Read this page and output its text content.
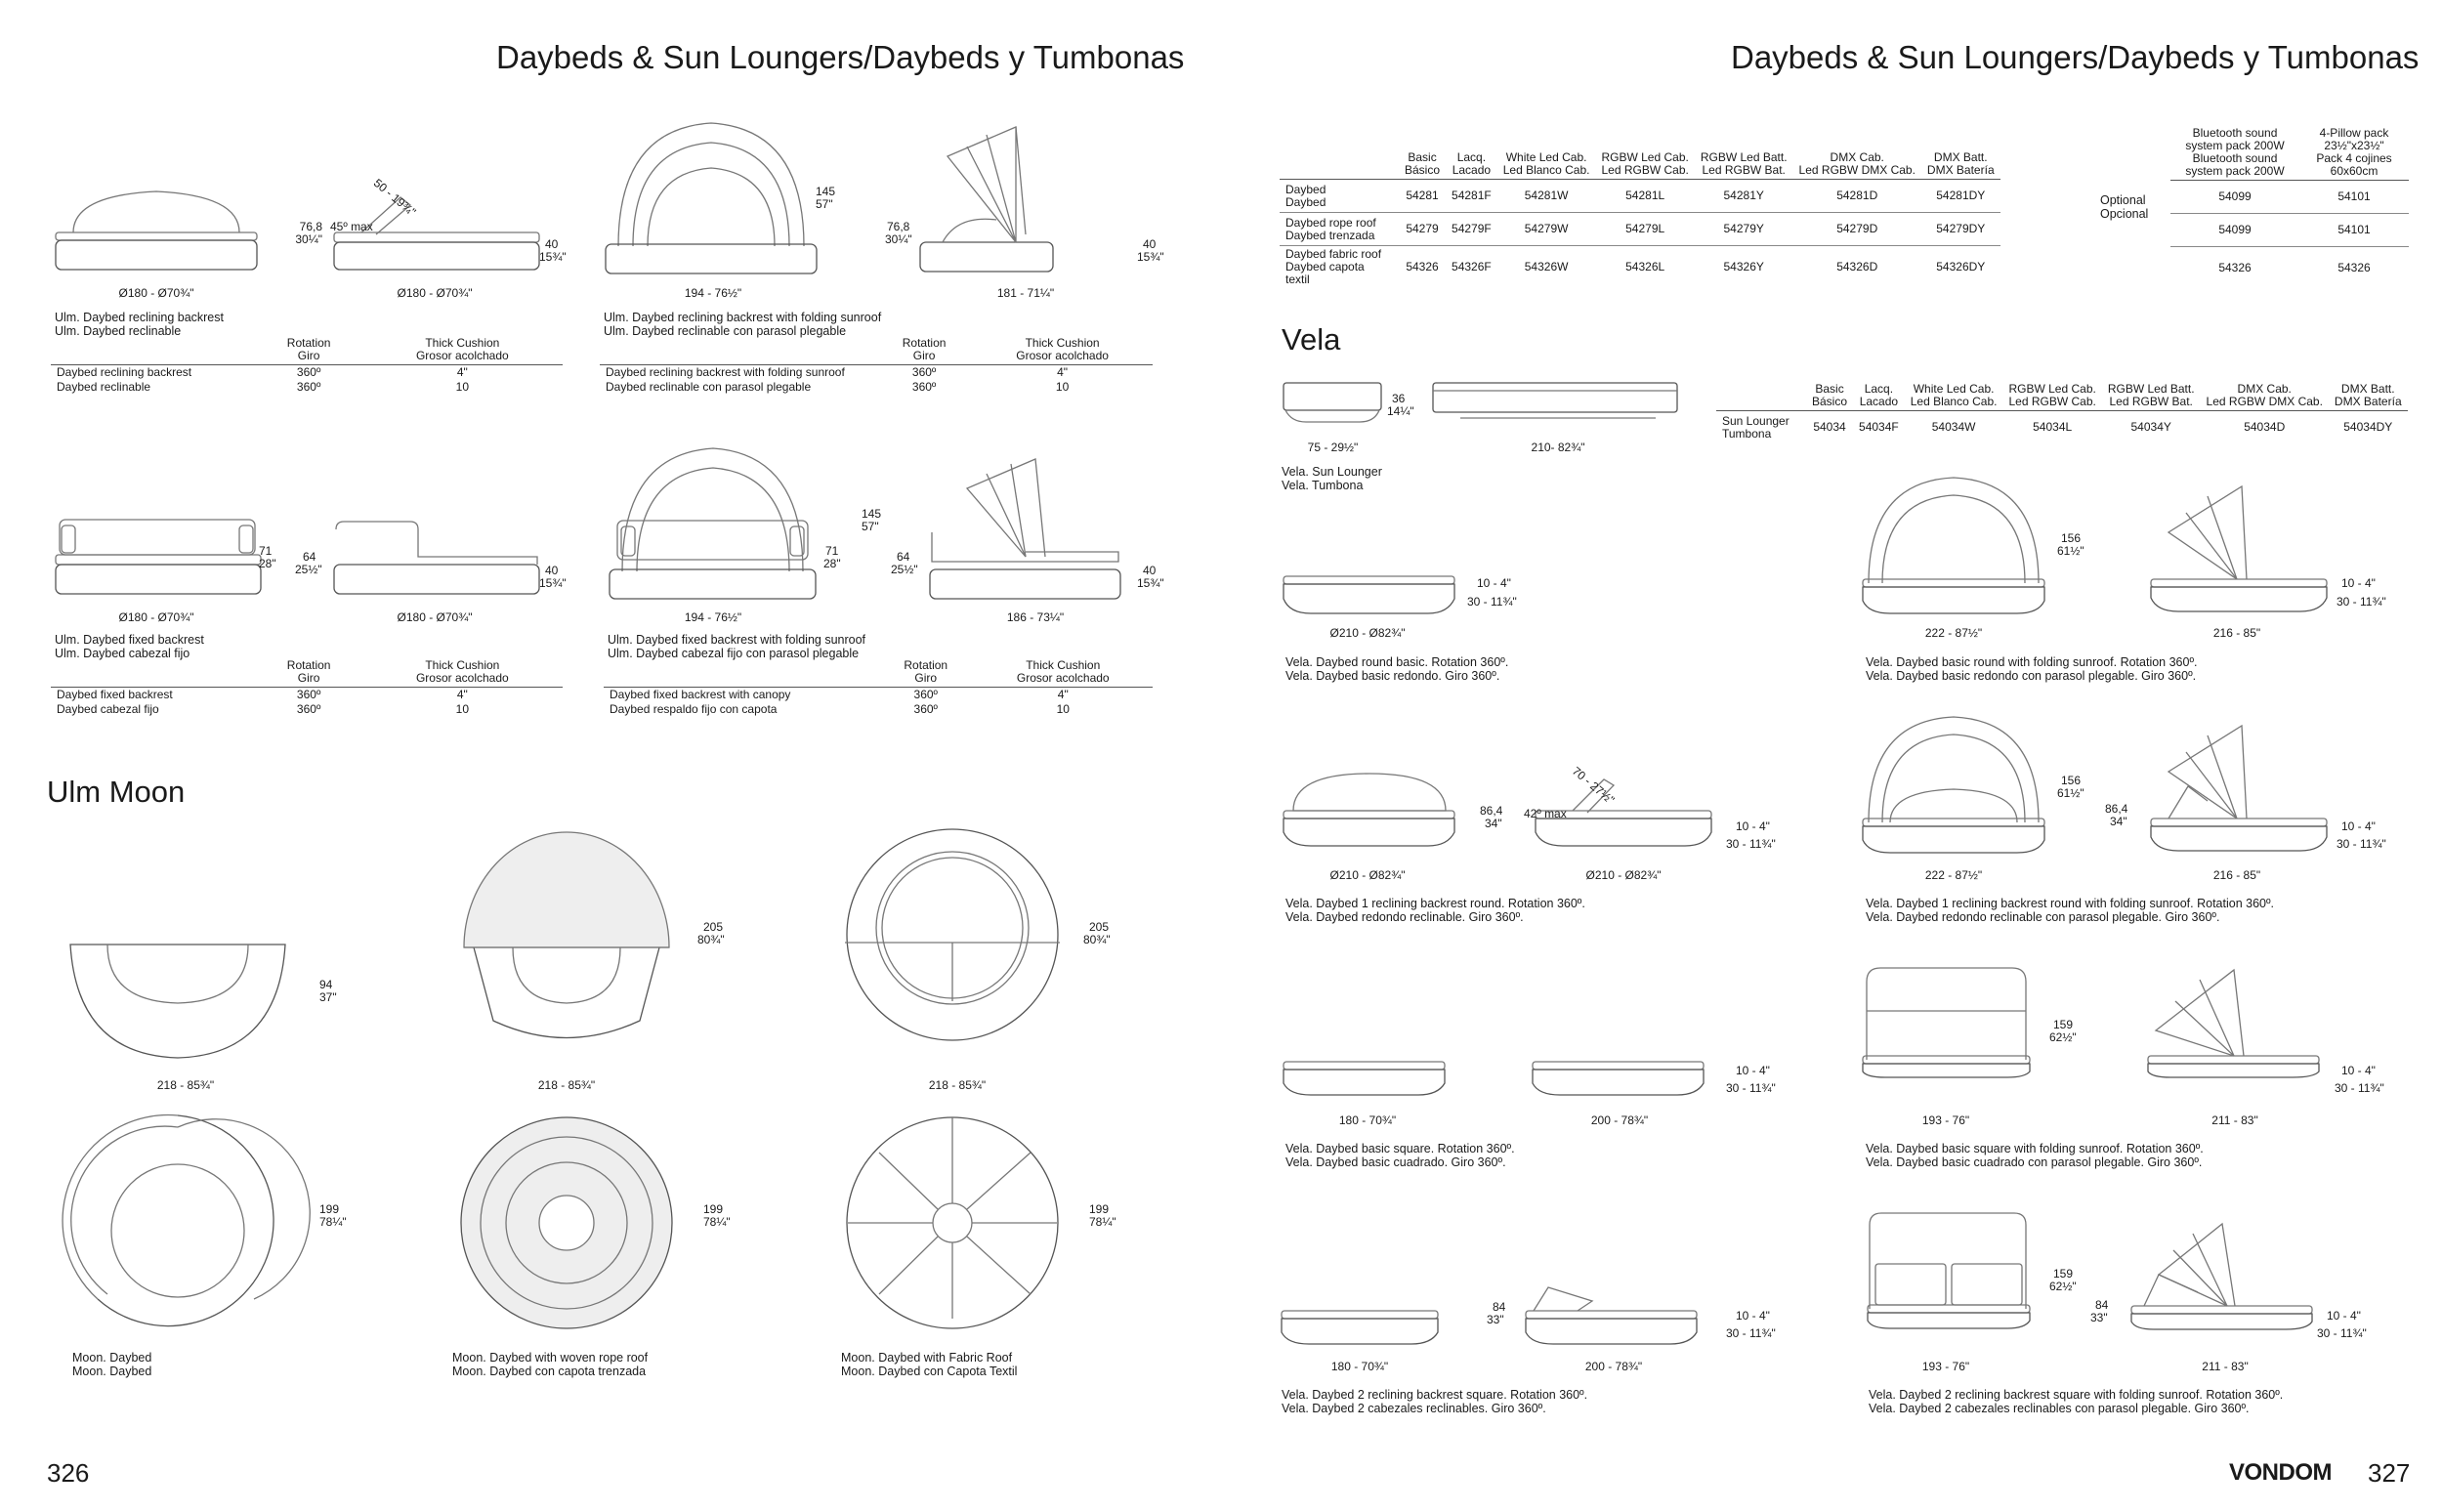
Daybeds & Sun Loungers/Daybeds y Tumbonas
Ø180 - Ø70¾"	Ø180 - Ø70¾"
76,8
30¼"
45º max
50 - 19¾"
40
15¾"
Ulm. Daybed reclining backrest
Ulm. Daybed reclinable
	Rotation
Giro	Thick Cushion
Grosor acolchado
Daybed reclining backrest	360º	4"
Daybed reclinable	360º	10
145
57"
76,8
30¼"	40
15¾"
194 - 76½"	181 - 71¼"
Ulm. Daybed reclining backrest with folding sunroof
Ulm. Daybed reclinable con parasol plegable
	Rotation
Giro	Thick Cushion
Grosor acolchado
Daybed reclining backrest with folding sunroof	360º	4"
Daybed reclinable con parasol plegable	360º	10
71
28" 64
25½"	40
15¾"
Ø180 - Ø70¾"	Ø180 - Ø70¾"
Ulm. Daybed fixed backrest
Ulm. Daybed cabezal fijo
	Rotation
Giro	Thick Cushion
Grosor acolchado
Daybed fixed backrest	360º	4"
Daybed cabezal fijo	360º	10
145
57"
71
28"	64
25½"	40
15¾"
194 - 76½"	186 - 73¼"
Ulm. Daybed fixed backrest with folding sunroof
Ulm. Daybed cabezal fijo con parasol plegable
	Rotation
Giro	Thick Cushion
Grosor acolchado
Daybed fixed backrest with canopy	360º	4"
Daybed respaldo fijo con capota	360º	10
Ulm Moon
94
37"
218 - 85¾"
199
78¼"
Moon. Daybed
Moon. Daybed
205
80¾"
218 - 85¾"
199
78¼"
Moon. Daybed with woven rope roof
Moon. Daybed con capota trenzada
205
80¾"
218 - 85¾"
199
78¼"
Moon. Daybed with Fabric Roof
Moon. Daybed con Capota Textil
326
Daybeds & Sun Loungers/Daybeds y Tumbonas
	Basic
Básico	Lacq.
Lacado	White Led Cab.
Led Blanco Cab.	RGBW Led Cab.
Led RGBW Cab.	RGBW Led Batt.
Led RGBW Bat.	DMX Cab.
Led RGBW DMX Cab.	DMX Batt.
DMX Batería
Daybed
Daybed	54281	54281F	54281W	54281L	54281Y	54281D	54281DY
Daybed rope roof
Daybed trenzada	54279	54279F	54279W	54279L	54279Y	54279D	54279DY
Daybed fabric roof
Daybed capota
textil	54326	54326F	54326W	54326L	54326Y	54326D	54326DY
Optional
Opcional
Bluetooth sound
system pack 200W
Bluetooth sound
system pack 200W	4-Pillow pack
23½"x23½"
Pack 4 cojines
60x60cm
54099	54101
54099	54101
54326	54326
Vela
36
14¼"
75 - 29½"	210- 82¾"
Vela. Sun Lounger
Vela. Tumbona
	Basic
Básico	Lacq.
Lacado	White Led Cab.
Led Blanco Cab.	RGBW Led Cab.
Led RGBW Cab.	RGBW Led Batt.
Led RGBW Bat.	DMX Cab.
Led RGBW DMX Cab.	DMX Batt.
DMX Batería
Sun Lounger
Tumbona	54034	54034F	54034W	54034L	54034Y	54034D	54034DY
10 - 4"
30 - 11¾"
Ø210 - Ø82¾"
Vela. Daybed round basic. Rotation 360º.
Vela. Daybed basic redondo. Giro 360º.
156
61½"
10 - 4"
30 - 11¾"
222 - 87½"	216 - 85"
Vela. Daybed basic round with folding sunroof. Rotation 360º.
Vela. Daybed basic redondo con parasol plegable. Giro 360º.
86,4
34"
42º max
70 - 27½"
10 - 4"
30 - 11¾"
Ø210 - Ø82¾"	Ø210 - Ø82¾"
Vela. Daybed 1 reclining backrest round. Rotation 360º.
Vela. Daybed redondo reclinable. Giro 360º.
156
61½"
86,4
34"	10 - 4"
30 - 11¾"
222 - 87½"	216 - 85"
Vela. Daybed 1 reclining backrest round with folding sunroof. Rotation 360º.
Vela. Daybed redondo reclinable con parasol plegable. Giro 360º.
10 - 4"
30 - 11¾"
180 - 70¾"	200 - 78¾"
Vela. Daybed basic square. Rotation 360º.
Vela. Daybed basic cuadrado. Giro 360º.
159
62½"
10 - 4"
30 - 11¾"
193 - 76"	211 - 83"
Vela. Daybed basic square with folding sunroof. Rotation 360º.
Vela. Daybed basic cuadrado con parasol plegable. Giro 360º.
84
33"	10 - 4"
30 - 11¾"
180 - 70¾"	200 - 78¾"
Vela. Daybed 2 reclining backrest square. Rotation 360º.
Vela. Daybed 2 cabezales reclinables. Giro 360º.
159
62½"
84
33"	10 - 4"
30 - 11¾"
193 - 76"	211 - 83"
Vela. Daybed 2 reclining backrest square with folding sunroof. Rotation 360º.
Vela. Daybed 2 cabezales reclinables con parasol plegable. Giro 360º.
VONDOM 327
